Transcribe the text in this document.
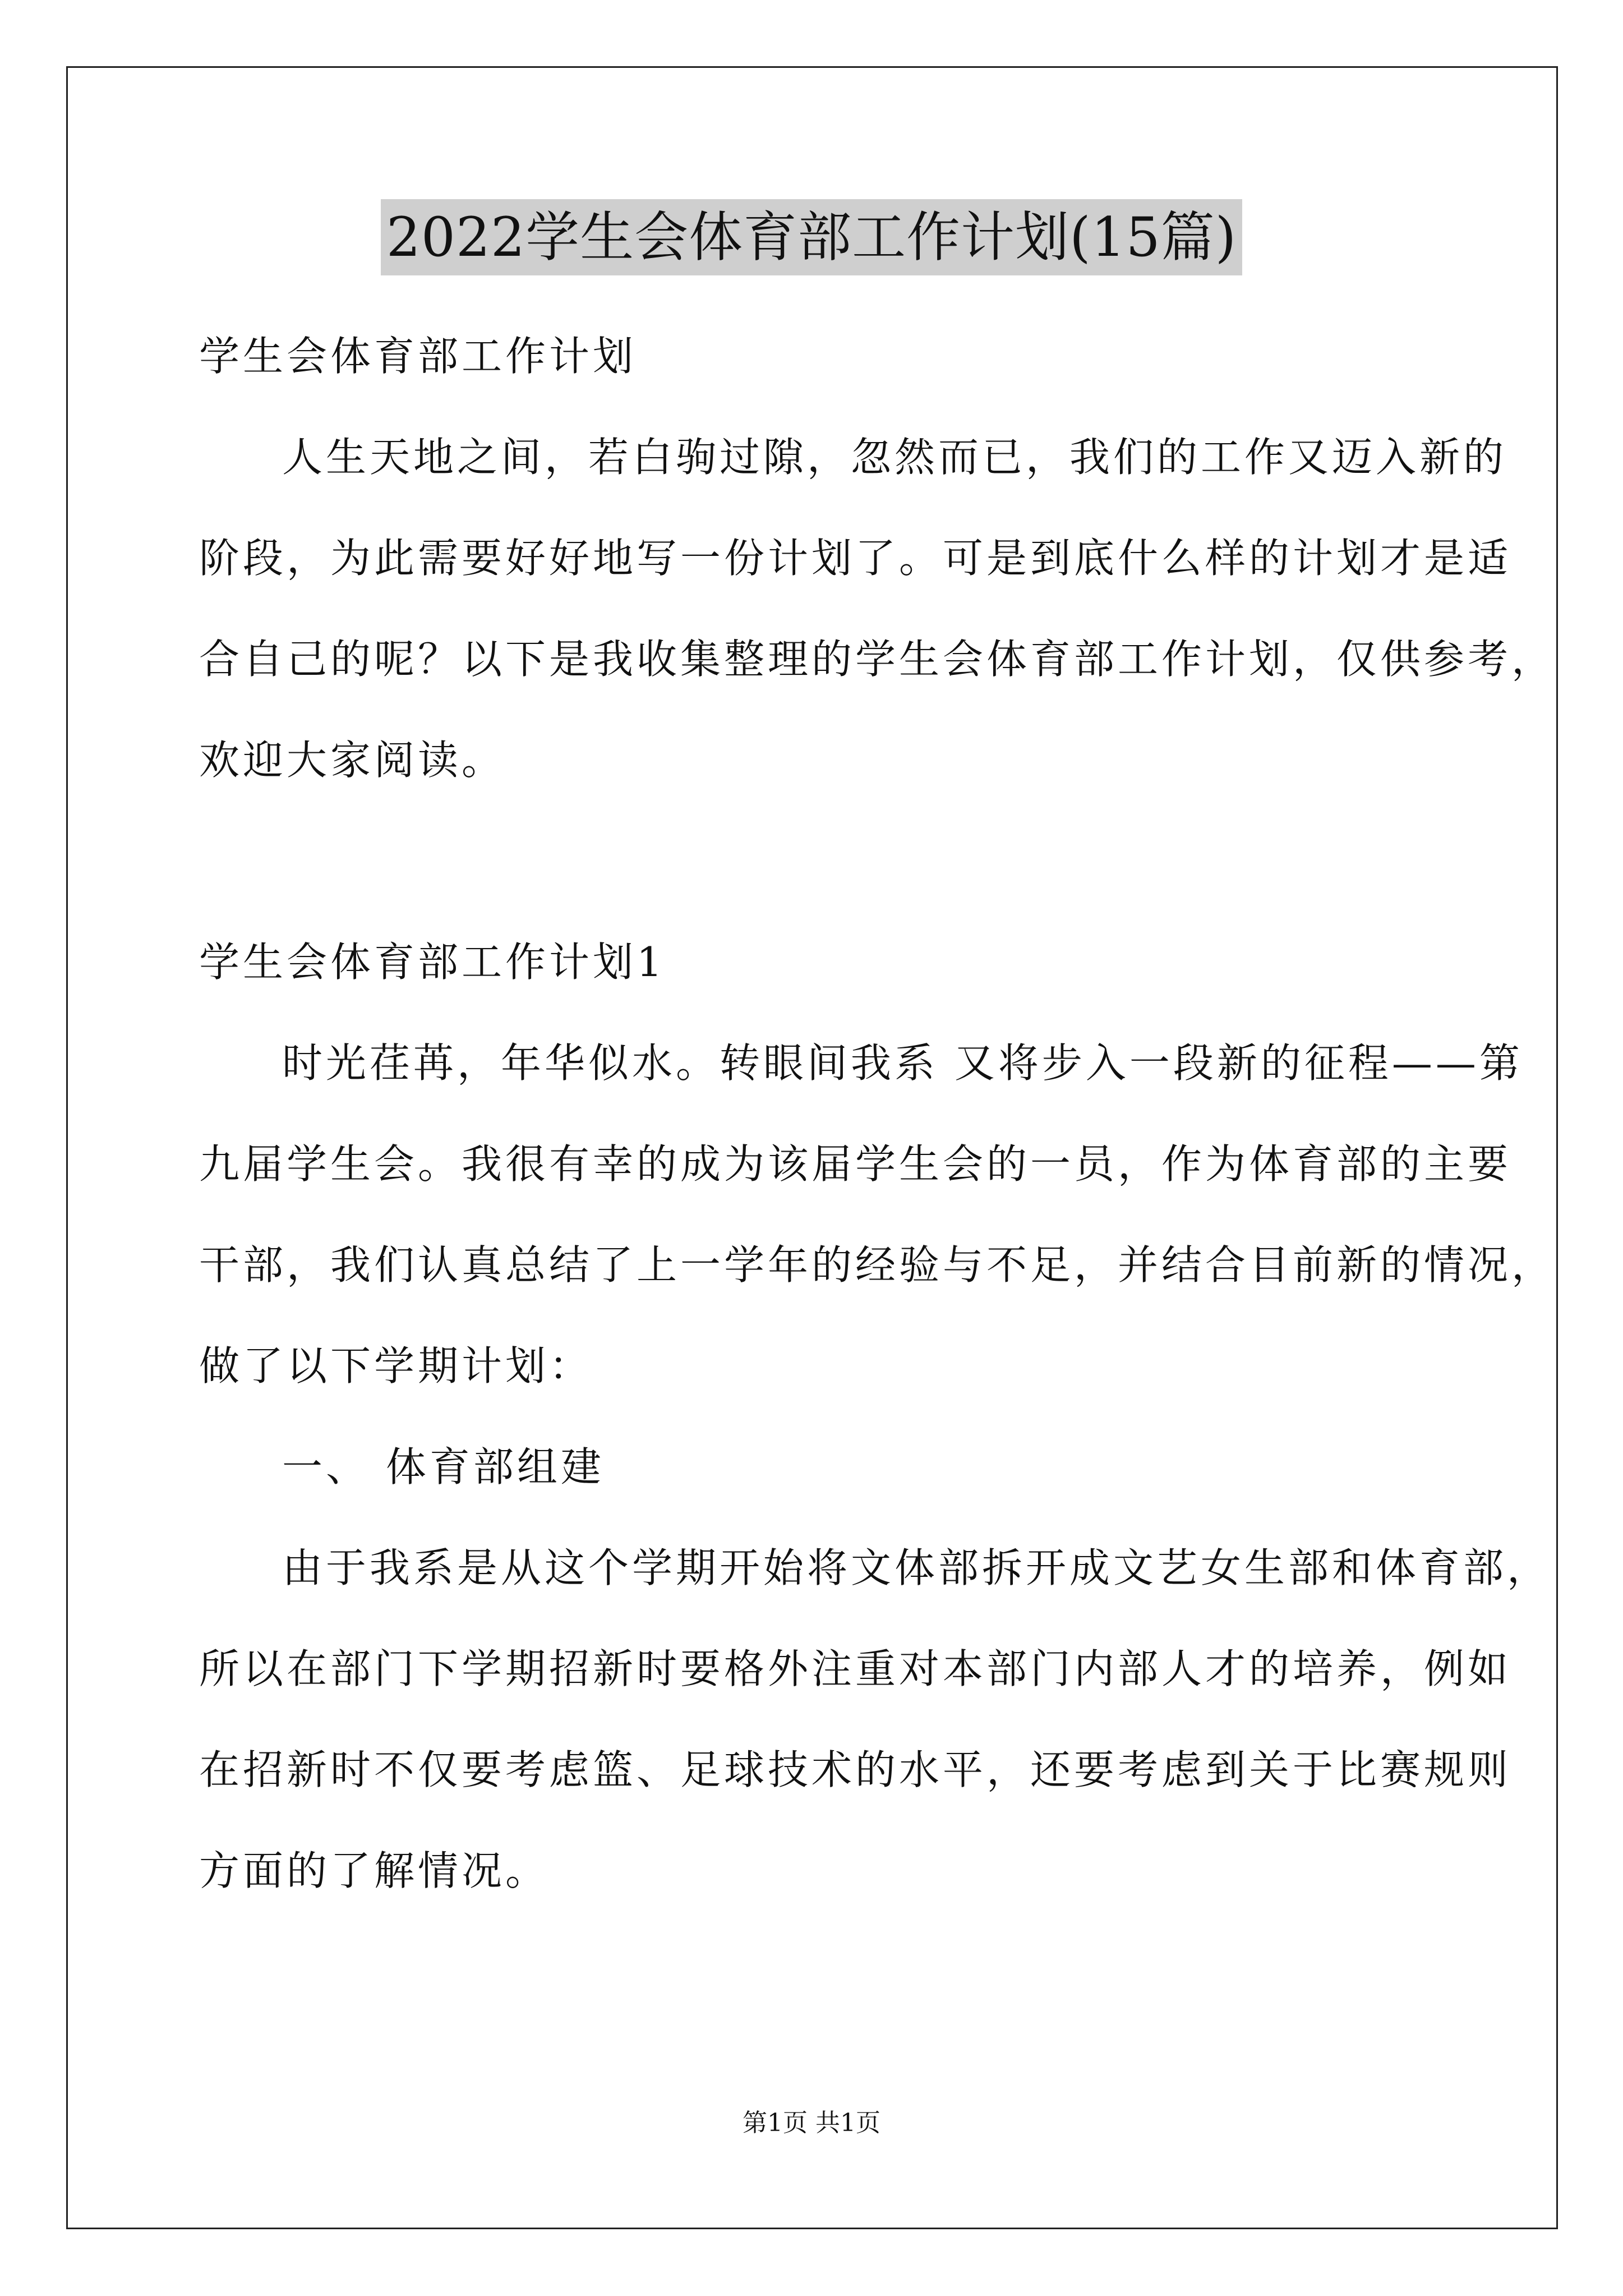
2022学生会体育部工作计划(15篇)
学生会体育部工作计划
人生天地之间，若白驹过隙，忽然而已，我们的工作又迈入新的
阶段，为此需要好好地写一份计划了。可是到底什么样的计划才是适
合自己的呢？以下是我收集整理的学生会体育部工作计划，仅供参考，
欢迎大家阅读。
学生会体育部工作计划1
时光荏苒，年华似水。转眼间我系 又将步入一段新的征程——第
九届学生会。我很有幸的成为该届学生会的一员，作为体育部的主要
干部，我们认真总结了上一学年的经验与不足，并结合目前新的情况，
做了以下学期计划：
一、 体育部组建
由于我系是从这个学期开始将文体部拆开成文艺女生部和体育部，
所以在部门下学期招新时要格外注重对本部门内部人才的培养，例如
在招新时不仅要考虑篮、足球技术的水平，还要考虑到关于比赛规则
方面的了解情况。
第1页 共1页
